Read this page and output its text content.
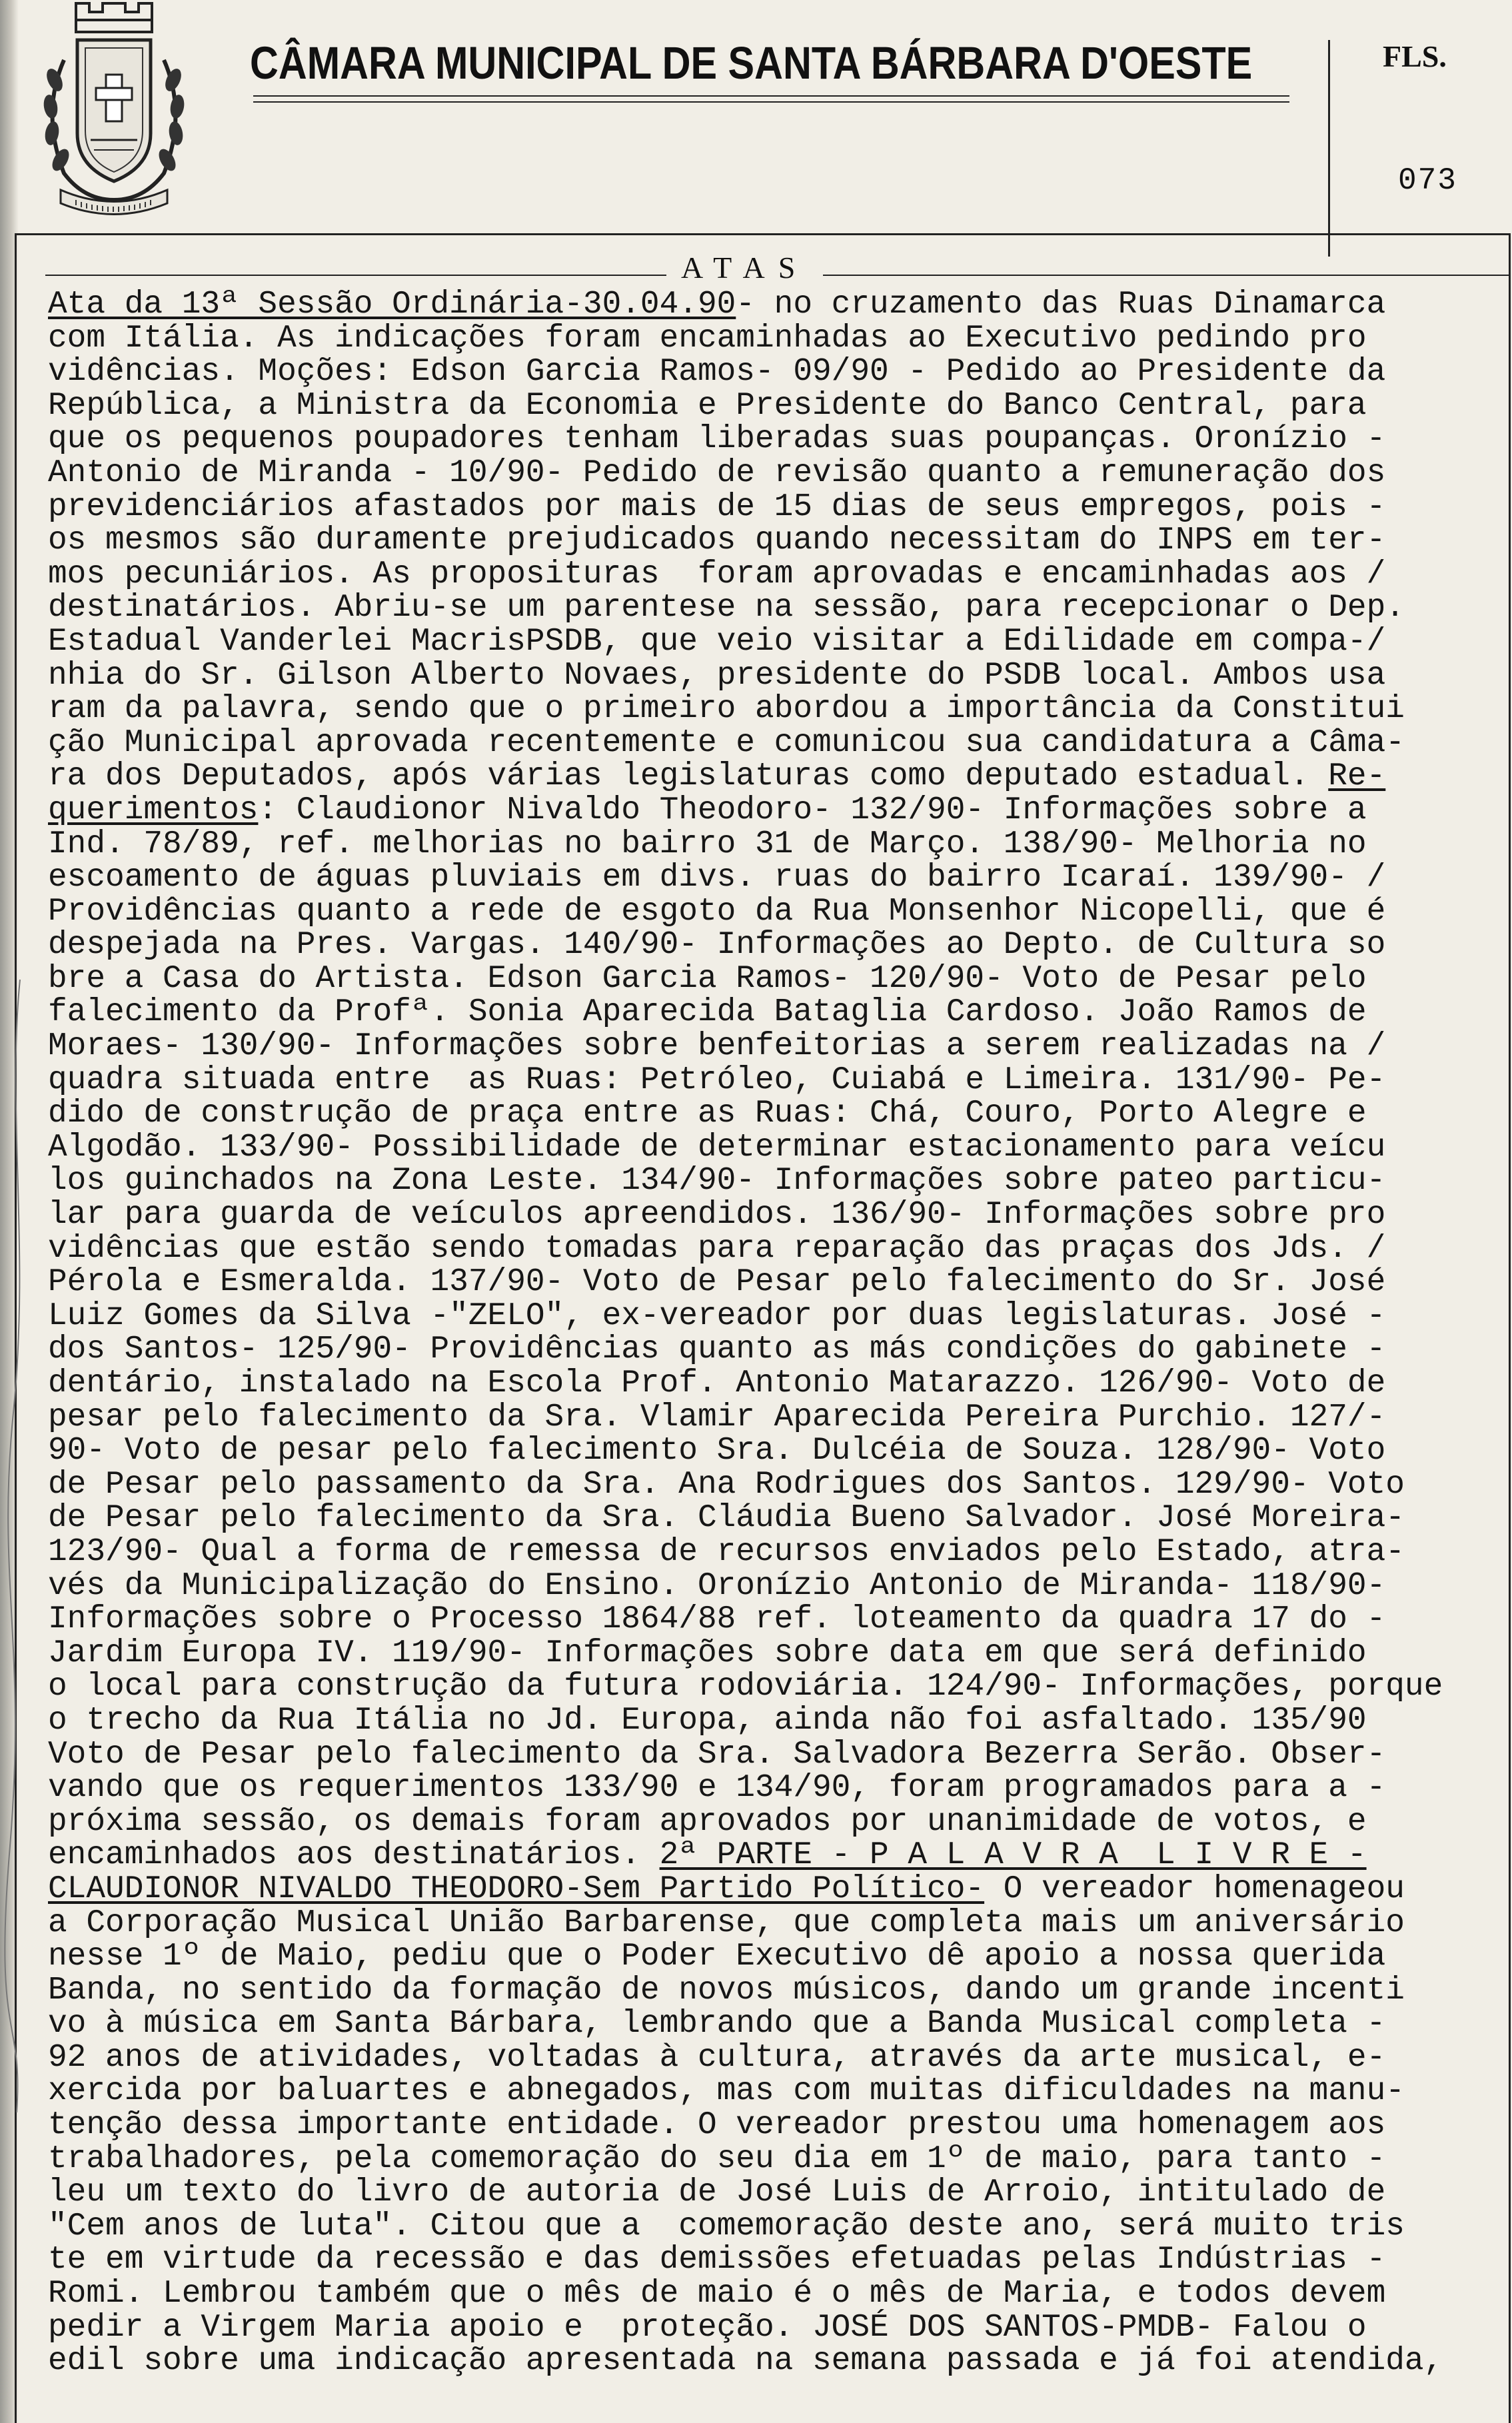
CÂMARA MUNICIPAL DE SANTA BÁRBARA D'OESTE	FLS.
073
ATAS
Ata da 13ª Sessão Ordinária-30.04.90- no cruzamento das Ruas Dinamarca
com Itália. As indicações foram encaminhadas ao Executivo pedindo pro
vidências. Moções: Edson Garcia Ramos- 09/90 - Pedido ao Presidente da
República, a Ministra da Economia e Presidente do Banco Central, para
que os pequenos poupadores tenham liberadas suas poupanças. Oronízio -
Antonio de Miranda - 10/90- Pedido de revisão quanto a remuneração dos
previdenciários afastados por mais de 15 dias de seus empregos, pois -
os mesmos são duramente prejudicados quando necessitam do INPS em ter-
mos pecuniários. As proposituras  foram aprovadas e encaminhadas aos /
destinatários. Abriu-se um parentese na sessão, para recepcionar o Dep.
Estadual Vanderlei MacrisPSDB, que veio visitar a Edilidade em compa-/
nhia do Sr. Gilson Alberto Novaes, presidente do PSDB local. Ambos usa
ram da palavra, sendo que o primeiro abordou a importância da Constitui
ção Municipal aprovada recentemente e comunicou sua candidatura a Câma-
ra dos Deputados, após várias legislaturas como deputado estadual. Re-
querimentos: Claudionor Nivaldo Theodoro- 132/90- Informações sobre a
Ind. 78/89, ref. melhorias no bairro 31 de Março. 138/90- Melhoria no
escoamento de águas pluviais em divs. ruas do bairro Icaraí. 139/90- /
Providências quanto a rede de esgoto da Rua Monsenhor Nicopelli, que é
despejada na Pres. Vargas. 140/90- Informações ao Depto. de Cultura so
bre a Casa do Artista. Edson Garcia Ramos- 120/90- Voto de Pesar pelo
falecimento da Profª. Sonia Aparecida Bataglia Cardoso. João Ramos de
Moraes- 130/90- Informações sobre benfeitorias a serem realizadas na /
quadra situada entre  as Ruas: Petróleo, Cuiabá e Limeira. 131/90- Pe-
dido de construção de praça entre as Ruas: Chá, Couro, Porto Alegre e
Algodão. 133/90- Possibilidade de determinar estacionamento para veícu
los guinchados na Zona Leste. 134/90- Informações sobre pateo particu-
lar para guarda de veículos apreendidos. 136/90- Informações sobre pro
vidências que estão sendo tomadas para reparação das praças dos Jds. /
Pérola e Esmeralda. 137/90- Voto de Pesar pelo falecimento do Sr. José
Luiz Gomes da Silva -"ZELO", ex-vereador por duas legislaturas. José -
dos Santos- 125/90- Providências quanto as más condições do gabinete -
dentário, instalado na Escola Prof. Antonio Matarazzo. 126/90- Voto de
pesar pelo falecimento da Sra. Vlamir Aparecida Pereira Purchio. 127/-
90- Voto de pesar pelo falecimento Sra. Dulcéia de Souza. 128/90- Voto
de Pesar pelo passamento da Sra. Ana Rodrigues dos Santos. 129/90- Voto
de Pesar pelo falecimento da Sra. Cláudia Bueno Salvador. José Moreira-
123/90- Qual a forma de remessa de recursos enviados pelo Estado, atra-
vés da Municipalização do Ensino. Oronízio Antonio de Miranda- 118/90-
Informações sobre o Processo 1864/88 ref. loteamento da quadra 17 do -
Jardim Europa IV. 119/90- Informações sobre data em que será definido
o local para construção da futura rodoviária. 124/90- Informações, porque
o trecho da Rua Itália no Jd. Europa, ainda não foi asfaltado. 135/90
Voto de Pesar pelo falecimento da Sra. Salvadora Bezerra Serão. Obser-
vando que os requerimentos 133/90 e 134/90, foram programados para a -
próxima sessão, os demais foram aprovados por unanimidade de votos, e
encaminhados aos destinatários. 2ª PARTE - P A L A V R A  L I V R E -
CLAUDIONOR NIVALDO THEODORO-Sem Partido Político- O vereador homenageou
a Corporação Musical União Barbarense, que completa mais um aniversário
nesse 1º de Maio, pediu que o Poder Executivo dê apoio a nossa querida
Banda, no sentido da formação de novos músicos, dando um grande incenti
vo à música em Santa Bárbara, lembrando que a Banda Musical completa -
92 anos de atividades, voltadas à cultura, através da arte musical, e-
xercida por baluartes e abnegados, mas com muitas dificuldades na manu-
tenção dessa importante entidade. O vereador prestou uma homenagem aos
trabalhadores, pela comemoração do seu dia em 1º de maio, para tanto -
leu um texto do livro de autoria de José Luis de Arroio, intitulado de
"Cem anos de luta". Citou que a  comemoração deste ano, será muito tris
te em virtude da recessão e das demissões efetuadas pelas Indústrias -
Romi. Lembrou também que o mês de maio é o mês de Maria, e todos devem
pedir a Virgem Maria apoio e  proteção. JOSÉ DOS SANTOS-PMDB- Falou o
edil sobre uma indicação apresentada na semana passada e já foi atendida,
